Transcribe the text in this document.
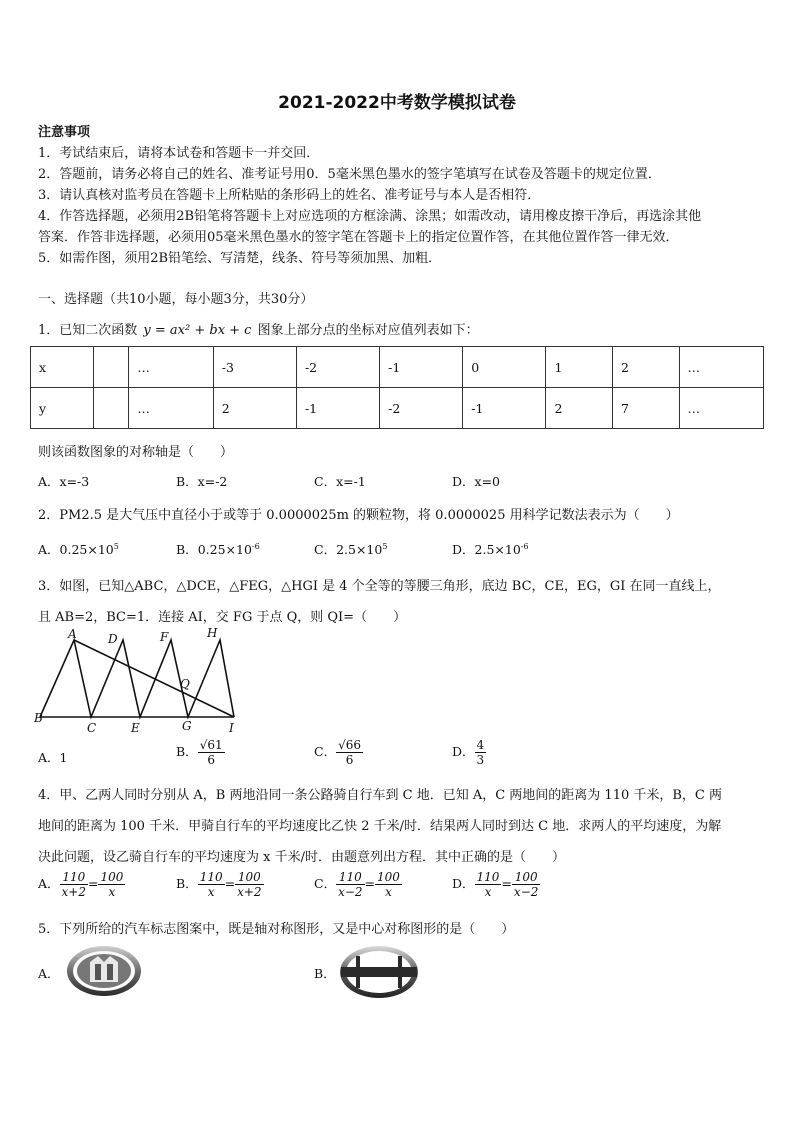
2021-2022中考数学模拟试卷
注意事项
1．考试结束后，请将本试卷和答题卡一并交回．
2．答题前，请务必将自己的姓名、准考证号用0．5毫米黑色墨水的签字笔填写在试卷及答题卡的规定位置．
3．请认真核对监考员在答题卡上所粘贴的条形码上的姓名、准考证号与本人是否相符．
4．作答选择题，必须用2B铅笔将答题卡上对应选项的方框涂满、涂黑；如需改动，请用橡皮擦干净后，再选涂其他
答案．作答非选择题，必须用05毫米黑色墨水的签字笔在答题卡上的指定位置作答，在其他位置作答一律无效．
5．如需作图，须用2B铅笔绘、写清楚，线条、符号等须加黑、加粗．
一、选择题（共10小题，每小题3分，共30分）
1．已知二次函数 y = ax² + bx + c 图象上部分点的坐标对应值列表如下：
x		…	-3	-2	-1	0	1	2	…
y		…	2	-1	-2	-1	2	7	…
则该函数图象的对称轴是（　　）
A．x=-3	B．x=-2	C．x=-1	D．x=0
2．PM2.5 是大气压中直径小于或等于 0.0000025m 的颗粒物，将 0.0000025 用科学记数法表示为（　　）
A．$0.25\times 10^5$	B．$0.25\times 10^{-6}$	C．$2.5\times 10^5$	D．$2.5\times 10^{-6}$
3．如图，已知△ABC，△DCE，△FEG，△HGI 是 4 个全等的等腰三角形，底边 BC，CE，EG，GI 在同一直线上，
且 AB=2，BC=1．连接 AI，交 FG 于点 Q，则 QI=（　　）
A	D	F	H
B
C	E	G	I
Q
A．1	B． $\frac{√61}{6}$	C． $\frac{√66}{6}$	D． $\frac{4}{3}$
4．甲、乙两人同时分别从 A，B 两地沿同一条公路骑自行车到 C 地．已知 A，C 两地间的距离为 110 千米，B，C 两
地间的距离为 100 千米．甲骑自行车的平均速度比乙快 2 千米/时．结果两人同时到达 C 地．求两人的平均速度，为解
决此问题，设乙骑自行车的平均速度为 x 千米/时．由题意列出方程．其中正确的是（　　）
A． $\frac{110}{x+2} = \frac{100}{x}$	B． $\frac{110}{x} = \frac{100}{x+2}$	C． $\frac{110}{x-2} = \frac{100}{x}$	D． $\frac{110}{x} = \frac{100}{x-2}$
5．下列所给的汽车标志图案中，既是轴对称图形，又是中心对称图形的是（　　）
A．	B．
